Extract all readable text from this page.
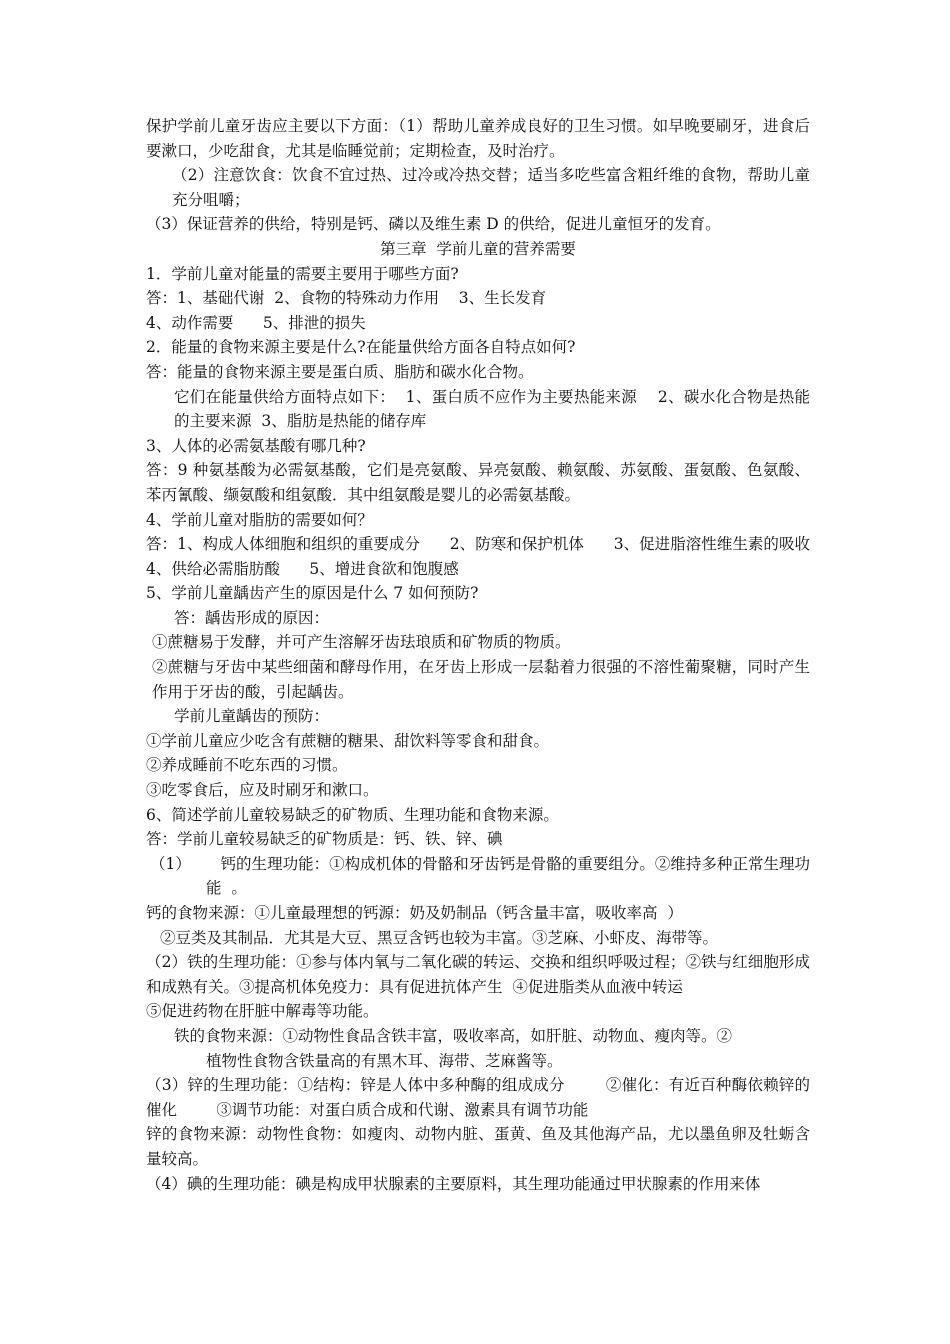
保护学前儿童牙齿应主要以下方面：（1）帮助儿童养成良好的卫生习惯。如早晚要刷牙，进食后要漱口，少吃甜食，尤其是临睡觉前；定期检查，及时治疗。

（2）注意饮食：饮食不宜过热、过冷或冷热交替；适当多吃些富含粗纤维的食物，帮助儿童充分咀嚼；

（3）保证营养的供给，特别是钙、磷以及维生素 D 的供给，促进儿童恒牙的发育。

第三章  学前儿童的营养需要

1．学前儿童对能量的需要主要用于哪些方面?

答：1、基础代谢  2、食物的特殊动力作用    3、生长发育

4、动作需要      5、排泄的损失

2．能量的食物来源主要是什么?在能量供给方面各自特点如何?

答：能量的食物来源主要是蛋白质、脂肪和碳水化合物。

它们在能量供给方面特点如下：  1、蛋白质不应作为主要热能来源    2、碳水化合物是热能的主要来源  3、脂肪是热能的储存库

3、人体的必需氨基酸有哪几种?

答：9 种氨基酸为必需氨基酸，它们是亮氨酸、异亮氨酸、赖氨酸、苏氨酸、蛋氨酸、色氨酸、苯丙氰酸、缬氨酸和组氨酸．其中组氨酸是婴儿的必需氨基酸。

4、学前儿童对脂肪的需要如何？

答：1、构成人体细胞和组织的重要成分      2、防寒和保护机体      3、促进脂溶性维生素的吸收      4、供给必需脂肪酸      5、增进食欲和饱腹感

5、学前儿童龋齿产生的原因是什么 7 如何预防?

答：龋齿形成的原因：

①蔗糖易于发酵，并可产生溶解牙齿珐琅质和矿物质的物质。

②蔗糖与牙齿中某些细菌和酵母作用，在牙齿上形成一层黏着力很强的不溶性葡聚糖，同时产生作用于牙齿的酸，引起龋齿。

学前儿童龋齿的预防：

①学前儿童应少吃含有蔗糖的糖果、甜饮料等零食和甜食。

②养成睡前不吃东西的习惯。

③吃零食后，应及时刷牙和漱口。

6、简述学前儿童较易缺乏的矿物质、生理功能和食物来源。

答：学前儿童较易缺乏的矿物质是：钙、铁、锌、碘

（1）      钙的生理功能：①构成机体的骨骼和牙齿钙是骨骼的重要组分。②维持多种正常生理功能  。

钙的食物来源：①儿童最理想的钙源：奶及奶制品（钙含量丰富，吸收率高  ）

②豆类及其制品．尤其是大豆、黑豆含钙也较为丰富。③芝麻、小虾皮、海带等。

（2）铁的生理功能：①参与体内氧与二氧化碳的转运、交换和组织呼吸过程；②铁与红细胞形成和成熟有关。③提高机体免疫力：具有促进抗体产生  ④促进脂类从血液中转运

⑤促进药物在肝脏中解毒等功能。

铁的食物来源：①动物性食品含铁丰富，吸收率高，如肝脏、动物血、瘦肉等。②

植物性食物含铁量高的有黑木耳、海带、芝麻酱等。

（3）锌的生理功能：①结构：锌是人体中多种酶的组成成分        ②催化：有近百种酶依赖锌的催化        ③调节功能：对蛋白质合成和代谢、激素具有调节功能

锌的食物来源：动物性食物：如瘦肉、动物内脏、蛋黄、鱼及其他海产品，尤以墨鱼卵及牡蛎含量较高。

（4）碘的生理功能：碘是构成甲状腺素的主要原料，其生理功能通过甲状腺素的作用来体
